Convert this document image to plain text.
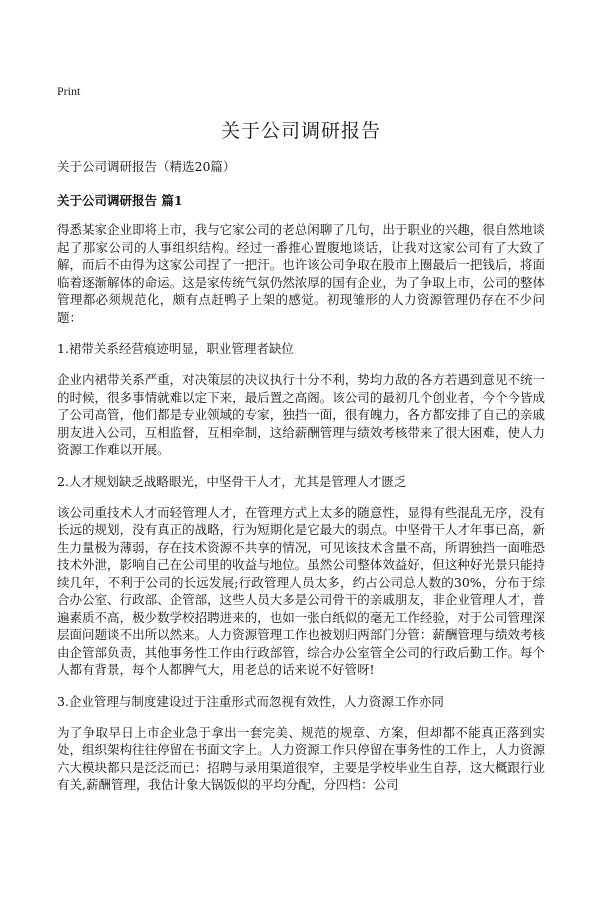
Print
关于公司调研报告
关于公司调研报告（精选20篇）
关于公司调研报告 篇1

得悉某家企业即将上市，我与它家公司的老总闲聊了几句，出于职业的兴趣，很自然地谈起了那家公司的人事组织结构。经过一番推心置腹地谈话，让我对这家公司有了大致了解，而后不由得为这家公司捏了一把汗。也许该公司争取在股市上圈最后一把钱后，将面临着逐渐解体的命运。这是家传统气氛仍然浓厚的国有企业，为了争取上市，公司的整体管理都必须规范化，颇有点赶鸭子上架的感觉。初现雏形的人力资源管理仍存在不少问题：

1.裙带关系经营痕迹明显，职业管理者缺位

企业内裙带关系严重，对决策层的决议执行十分不利，势均力敌的各方若遇到意见不统一的时候，很多事情就难以定下来，最后置之高阁。该公司的最初几个创业者，今个今皆成了公司高管，他们都是专业领域的专家，独挡一面，很有魄力，各方都安排了自己的亲戚朋友进入公司，互相监督，互相牵制，这给薪酬管理与绩效考核带来了很大困难，使人力资源工作难以开展。

2.人才规划缺乏战略眼光，中坚骨干人才，尤其是管理人才匮乏

该公司重技术人才而轻管理人才，在管理方式上太多的随意性，显得有些混乱无序，没有长远的规划，没有真正的战略，行为短期化是它最大的弱点。中坚骨干人才年事已高，新生力量极为薄弱，存在技术资源不共享的情况，可见该技术含量不高，所谓独挡一面唯恐技术外泄，影响自己在公司里的收益与地位。虽然公司整体效益好，但这种好光景只能持续几年，不利于公司的长远发展;行政管理人员太多，约占公司总人数的30%，分布于综合办公室、行政部、企管部，这些人员大多是公司骨干的亲戚朋友，非企业管理人才，普遍素质不高，极少数学校招聘进来的，也如一张白纸似的毫无工作经验，对于公司管理深层面问题谈不出所以然来。人力资源管理工作也被划归两部门分管：薪酬管理与绩效考核由企管部负责，其他事务性工作由行政部管，综合办公室管全公司的行政后勤工作。每个人都有背景，每个人都脾气大，用老总的话来说不好管呀!

3.企业管理与制度建设过于注重形式而忽视有效性，人力资源工作亦同

为了争取早日上市企业急于拿出一套完美、规范的规章、方案，但却都不能真正落到实处，组织架构往往停留在书面文字上。人力资源工作只停留在事务性的工作上，人力资源六大模块都只是泛泛而已：招聘与录用渠道很窄，主要是学校毕业生自荐，这大概跟行业有关,薪酬管理，我估计象大锅饭似的平均分配，分四档：公司
